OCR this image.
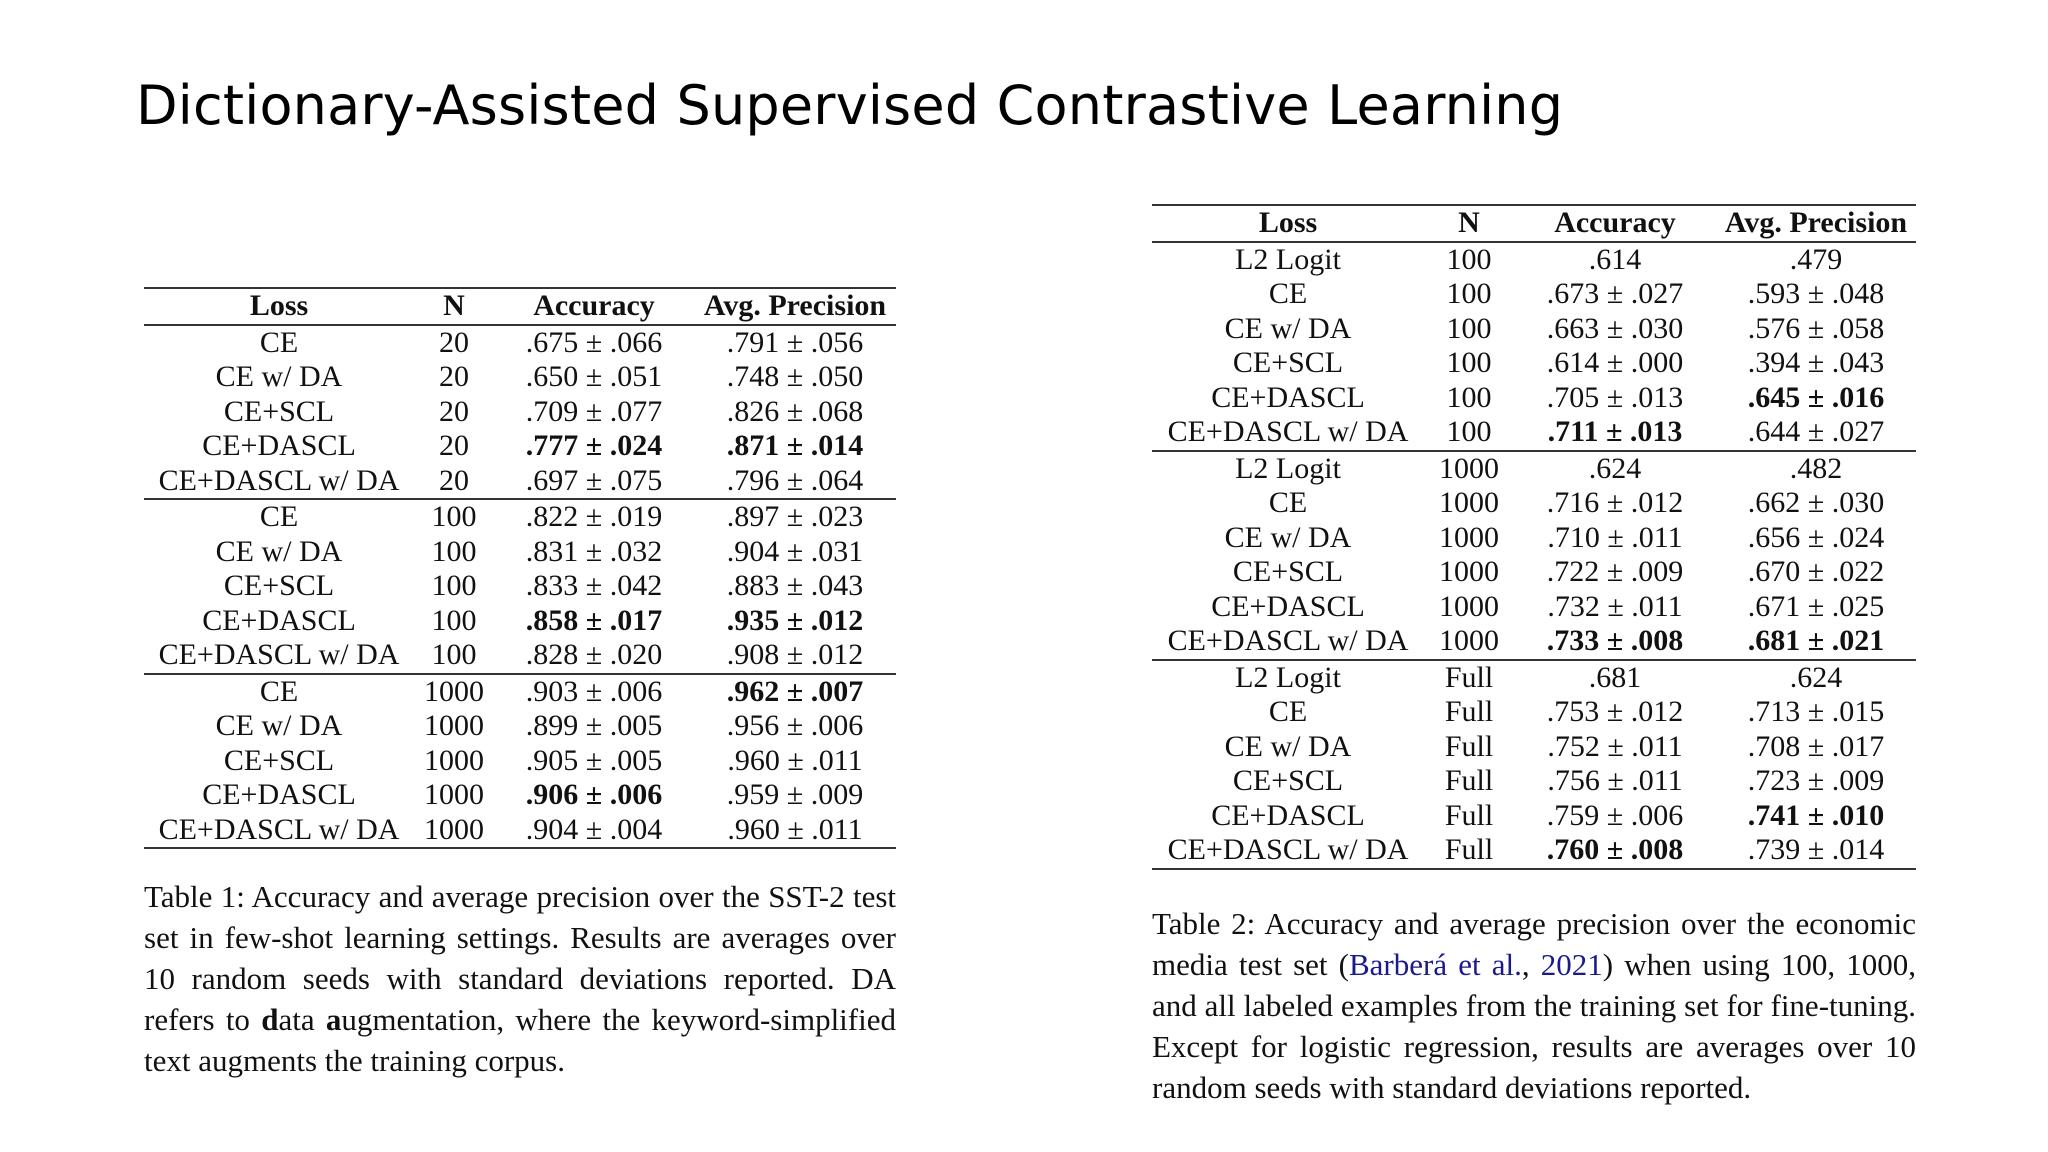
Dictionary-Assisted Supervised Contrastive Learning
Loss	N	Accuracy	Avg. Precision
CE	20	.675 ± .066	.791 ± .056
CE w/ DA	20	.650 ± .051	.748 ± .050
CE+SCL	20	.709 ± .077	.826 ± .068
CE+DASCL	20	.777 ± .024	.871 ± .014
CE+DASCL w/ DA	20	.697 ± .075	.796 ± .064
CE	100	.822 ± .019	.897 ± .023
CE w/ DA	100	.831 ± .032	.904 ± .031
CE+SCL	100	.833 ± .042	.883 ± .043
CE+DASCL	100	.858 ± .017	.935 ± .012
CE+DASCL w/ DA	100	.828 ± .020	.908 ± .012
CE	1000	.903 ± .006	.962 ± .007
CE w/ DA	1000	.899 ± .005	.956 ± .006
CE+SCL	1000	.905 ± .005	.960 ± .011
CE+DASCL	1000	.906 ± .006	.959 ± .009
CE+DASCL w/ DA	1000	.904 ± .004	.960 ± .011
Table 1: Accuracy and average precision over the SST-2 test set in few-shot learning settings. Results are averages over 10 random seeds with standard deviations reported. DA refers to data augmentation, where the keyword-simplified text augments the training corpus.
Loss	N	Accuracy	Avg. Precision
L2 Logit	100	.614	.479
CE	100	.673 ± .027	.593 ± .048
CE w/ DA	100	.663 ± .030	.576 ± .058
CE+SCL	100	.614 ± .000	.394 ± .043
CE+DASCL	100	.705 ± .013	.645 ± .016
CE+DASCL w/ DA	100	.711 ± .013	.644 ± .027
L2 Logit	1000	.624	.482
CE	1000	.716 ± .012	.662 ± .030
CE w/ DA	1000	.710 ± .011	.656 ± .024
CE+SCL	1000	.722 ± .009	.670 ± .022
CE+DASCL	1000	.732 ± .011	.671 ± .025
CE+DASCL w/ DA	1000	.733 ± .008	.681 ± .021
L2 Logit	Full	.681	.624
CE	Full	.753 ± .012	.713 ± .015
CE w/ DA	Full	.752 ± .011	.708 ± .017
CE+SCL	Full	.756 ± .011	.723 ± .009
CE+DASCL	Full	.759 ± .006	.741 ± .010
CE+DASCL w/ DA	Full	.760 ± .008	.739 ± .014
Table 2: Accuracy and average precision over the economic media test set (Barberá et al., 2021) when using 100, 1000, and all labeled examples from the training set for fine-tuning. Except for logistic regression, results are averages over 10 random seeds with standard deviations reported.
